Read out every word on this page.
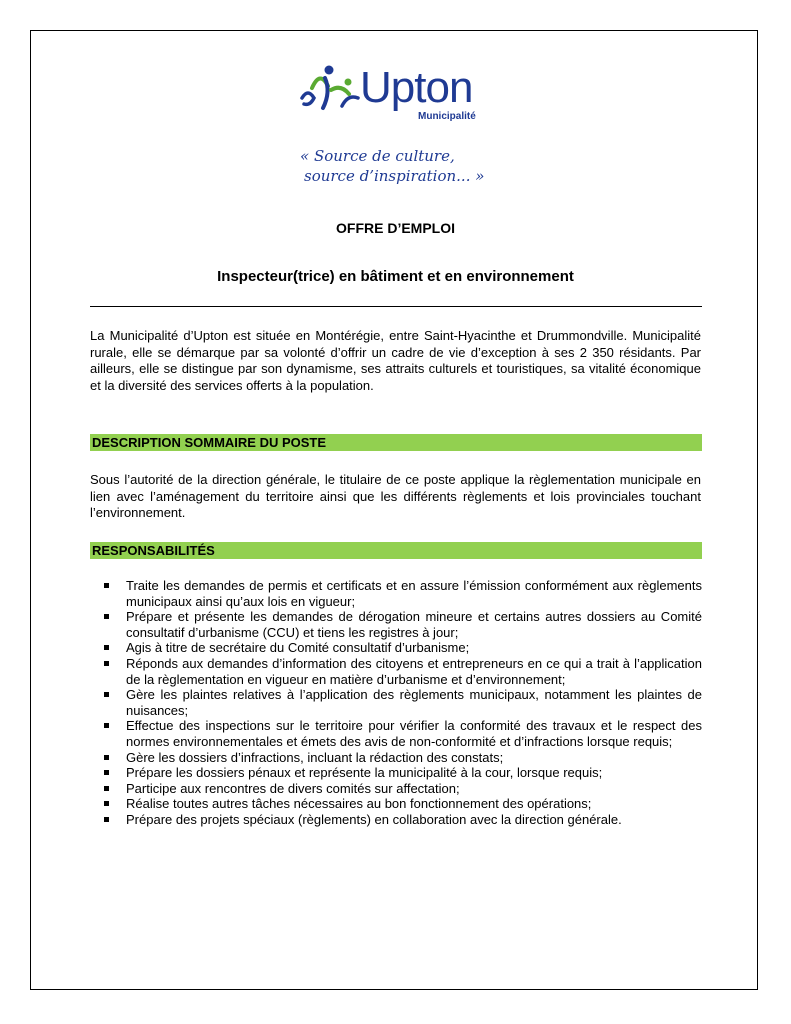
Upton
Municipalité
« Source de culture,
source d’inspiration... »
OFFRE D’EMPLOI
Inspecteur(trice) en bâtiment et en environnement
La Municipalité d’Upton est située en Montérégie, entre Saint-Hyacinthe et Drummondville. Municipalité rurale, elle se démarque par sa volonté d’offrir un cadre de vie d’exception à ses 2 350 résidants. Par ailleurs, elle se distingue par son dynamisme, ses attraits culturels et touristiques, sa vitalité économique et la diversité des services offerts à la population.
DESCRIPTION SOMMAIRE DU POSTE
Sous l’autorité de la direction générale, le titulaire de ce poste applique la règlementation municipale en lien avec l’aménagement du territoire ainsi que les différents règlements et lois provinciales touchant l’environnement.
RESPONSABILITÉS
Traite les demandes de permis et certificats et en assure l’émission conformément aux règlements municipaux ainsi qu’aux lois en vigueur;
Prépare et présente les demandes de dérogation mineure et certains autres dossiers au Comité consultatif d’urbanisme (CCU) et tiens les registres à jour;
Agis à titre de secrétaire du Comité consultatif d’urbanisme;
Réponds aux demandes d’information des citoyens et entrepreneurs en ce qui a trait à l’application de la règlementation en vigueur en matière d’urbanisme et d’environnement;
Gère les plaintes relatives à l’application des règlements municipaux, notamment les plaintes de nuisances;
Effectue des inspections sur le territoire pour vérifier la conformité des travaux et le respect des normes environnementales et émets des avis de non-conformité et d’infractions lorsque requis;
Gère les dossiers d’infractions, incluant la rédaction des constats;
Prépare les dossiers pénaux et représente la municipalité à la cour, lorsque requis;
Participe aux rencontres de divers comités sur affectation;
Réalise toutes autres tâches nécessaires au bon fonctionnement des opérations;
Prépare des projets spéciaux (règlements) en collaboration avec la direction générale.
